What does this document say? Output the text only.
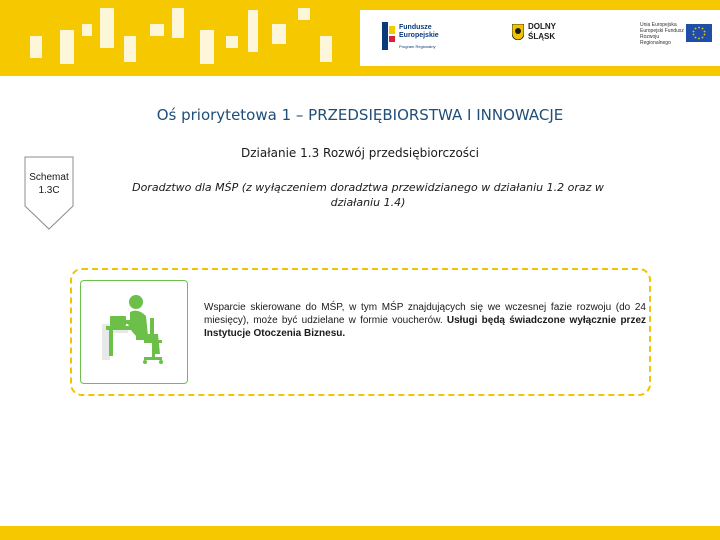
Fundusze Europejskie
Program Regionalny
DOLNY ŚLĄSK
Unia Europejska
Europejski Fundusz Rozwoju Regionalnego
Oś priorytetowa 1 – PRZEDSIĘBIORSTWA I INNOWACJE
Działanie 1.3 Rozwój przedsiębiorczości
Schemat
1.3C	Doradztwo dla MŚP (z wyłączeniem doradztwa przewidzianego w działaniu 1.2 oraz w działaniu 1.4)
Wsparcie skierowane do MŚP, w tym MŚP znajdujących się we wczesnej fazie rozwoju (do 24 miesięcy), może być udzielane w formie voucherów. Usługi będą świadczone wyłącznie przez Instytucje Otoczenia Biznesu.
